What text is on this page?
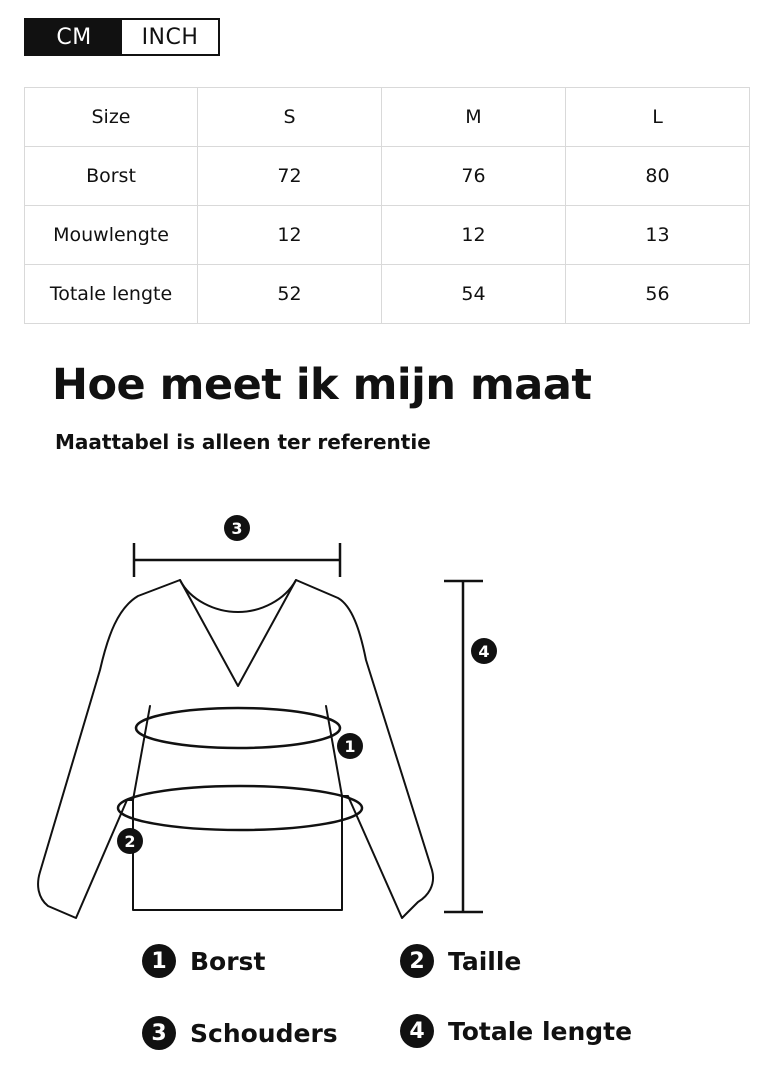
CM	INCH
Size	S	M	L
Borst	72	76	80
Mouwlengte	12	12	13
Totale lengte	52	54	56
Hoe meet ik mijn maat
Maattabel is alleen ter referentie
3
1
2
4
1 Borst	2 Taille
3 Schouders	4 Totale lengte
